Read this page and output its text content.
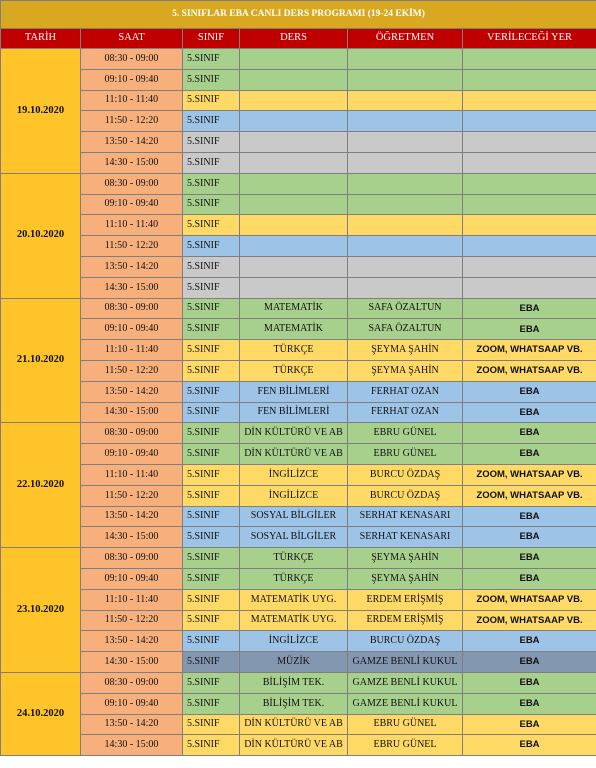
5. SINIFLAR EBA CANLI DERS PROGRAMI (19-24 EKİM)					
TARİH	SAAT	SINIF	DERS	ÖĞRETMEN	VERİLECEĞİ YER
19.10.2020	08:30 - 09:00	5.SINIF			
	09:10 - 09:40	5.SINIF			
	11:10 - 11:40	5.SINIF			
	11:50 - 12:20	5.SINIF			
	13:50 - 14:20	5.SINIF			
	14:30 - 15:00	5.SINIF			
20.10.2020	08:30 - 09:00	5.SINIF			
	09:10 - 09:40	5.SINIF			
	11:10 - 11:40	5.SINIF			
	11:50 - 12:20	5.SINIF			
	13:50 - 14:20	5.SINIF			
	14:30 - 15:00	5.SINIF			
21.10.2020	08:30 - 09:00	5.SINIF	MATEMATİK	SAFA ÖZALTUN	EBA
	09:10 - 09:40	5.SINIF	MATEMATİK	SAFA ÖZALTUN	EBA
	11:10 - 11:40	5.SINIF	TÜRKÇE	ŞEYMA ŞAHİN	ZOOM, WHATSAAP VB.
	11:50 - 12:20	5.SINIF	TÜRKÇE	ŞEYMA ŞAHİN	ZOOM, WHATSAAP VB.
	13:50 - 14:20	5.SINIF	FEN BİLİMLERİ	FERHAT OZAN	EBA
	14:30 - 15:00	5.SINIF	FEN BİLİMLERİ	FERHAT OZAN	EBA
22.10.2020	08:30 - 09:00	5.SINIF	DİN KÜLTÜRÜ VE AB	EBRU GÜNEL	EBA
	09:10 - 09:40	5.SINIF	DİN KÜLTÜRÜ VE AB	EBRU GÜNEL	EBA
	11:10 - 11:40	5.SINIF	İNGİLİZCE	BURCU ÖZDAŞ	ZOOM, WHATSAAP VB.
	11:50 - 12:20	5.SINIF	İNGİLİZCE	BURCU ÖZDAŞ	ZOOM, WHATSAAP VB.
	13:50 - 14:20	5.SINIF	SOSYAL BİLGİLER	SERHAT KENASARI	EBA
	14:30 - 15:00	5.SINIF	SOSYAL BİLGİLER	SERHAT KENASARI	EBA
23.10.2020	08:30 - 09:00	5.SINIF	TÜRKÇE	ŞEYMA ŞAHİN	EBA
	09:10 - 09:40	5.SINIF	TÜRKÇE	ŞEYMA ŞAHİN	EBA
	11:10 - 11:40	5.SINIF	MATEMATİK UYG.	ERDEM ERİŞMİŞ	ZOOM, WHATSAAP VB.
	11:50 - 12:20	5.SINIF	MATEMATİK UYG.	ERDEM ERİŞMİŞ	ZOOM, WHATSAAP VB.
	13:50 - 14:20	5.SINIF	İNGİLİZCE	BURCU ÖZDAŞ	EBA
	14:30 - 15:00	5.SINIF	MÜZİK	GAMZE BENLİ KUKUL	EBA
24.10.2020	08:30 - 09:00	5.SINIF	BİLİŞİM TEK.	GAMZE BENLİ KUKUL	EBA
	09:10 - 09:40	5.SINIF	BİLİŞİM TEK.	GAMZE BENLİ KUKUL	EBA
	13:50 - 14:20	5.SINIF	DİN KÜLTÜRÜ VE AB	EBRU GÜNEL	EBA
	14:30 - 15:00	5.SINIF	DİN KÜLTÜRÜ VE AB	EBRU GÜNEL	EBA
